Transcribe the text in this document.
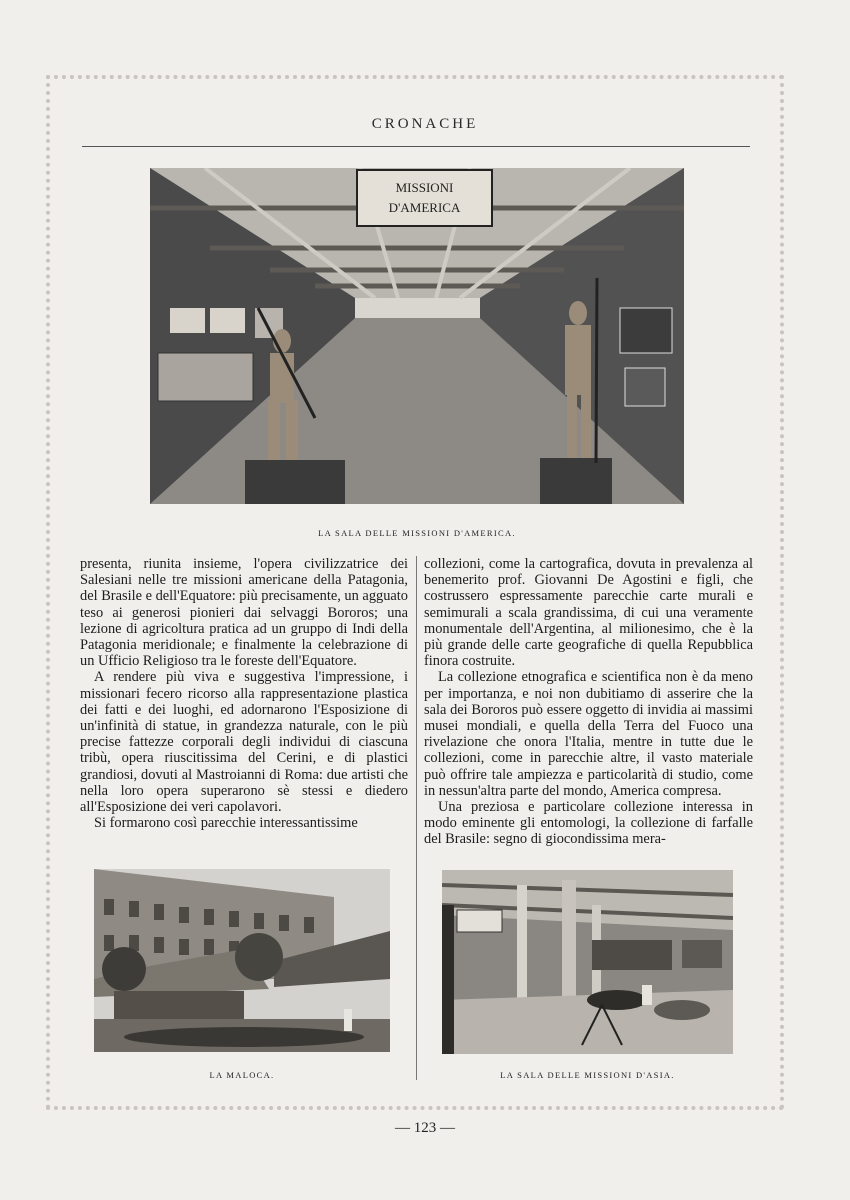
CRONACHE
MISSIONI
D'AMERICA
LA SALA DELLE MISSIONI D'AMERICA.

presenta, riunita insieme, l'opera civilizzatrice dei Salesiani nelle tre missioni americane della Patagonia, del Brasile e dell'Equatore: più precisamente, un agguato teso ai generosi pionieri dai selvaggi Bororos; una lezione di agricoltura pratica ad un gruppo di Indi della Patagonia meridionale; e finalmente la celebrazione di un Ufficio Religioso tra le foreste dell'Equatore.

A rendere più viva e suggestiva l'impressione, i missionari fecero ricorso alla rappresentazione plastica dei fatti e dei luoghi, ed adornarono l'Esposizione di un'infinità di statue, in grandezza naturale, con le più precise fattezze corporali degli individui di ciascuna tribù, opera riuscitissima del Cerini, e di plastici grandiosi, dovuti al Mastroianni di Roma: due artisti che nella loro opera superarono sè stessi e diedero all'Esposizione dei veri capolavori.

Si formarono così parecchie interessantissime

collezioni, come la cartografica, dovuta in prevalenza al benemerito prof. Giovanni De Agostini e figli, che costrussero espressamente parecchie carte murali e semimurali a scala grandissima, di cui una veramente monumentale dell'Argentina, al milionesimo, che è la più grande delle carte geografiche di quella Repubblica finora costruite.

La collezione etnografica e scientifica non è da meno per importanza, e noi non dubitiamo di asserire che la sala dei Bororos può essere oggetto di invidia ai massimi musei mondiali, e quella della Terra del Fuoco una rivelazione che onora l'Italia, mentre in tutte due le collezioni, come in parecchie altre, il vasto materiale può offrire tale ampiezza e particolarità di studio, come in nessun'altra parte del mondo, America compresa.

Una preziosa e particolare collezione interessa in modo eminente gli entomologi, la collezione di farfalle del Brasile: segno di giocondissima mera-

LA MALOCA.	LA SALA DELLE MISSIONI D'ASIA.
— 123 —
